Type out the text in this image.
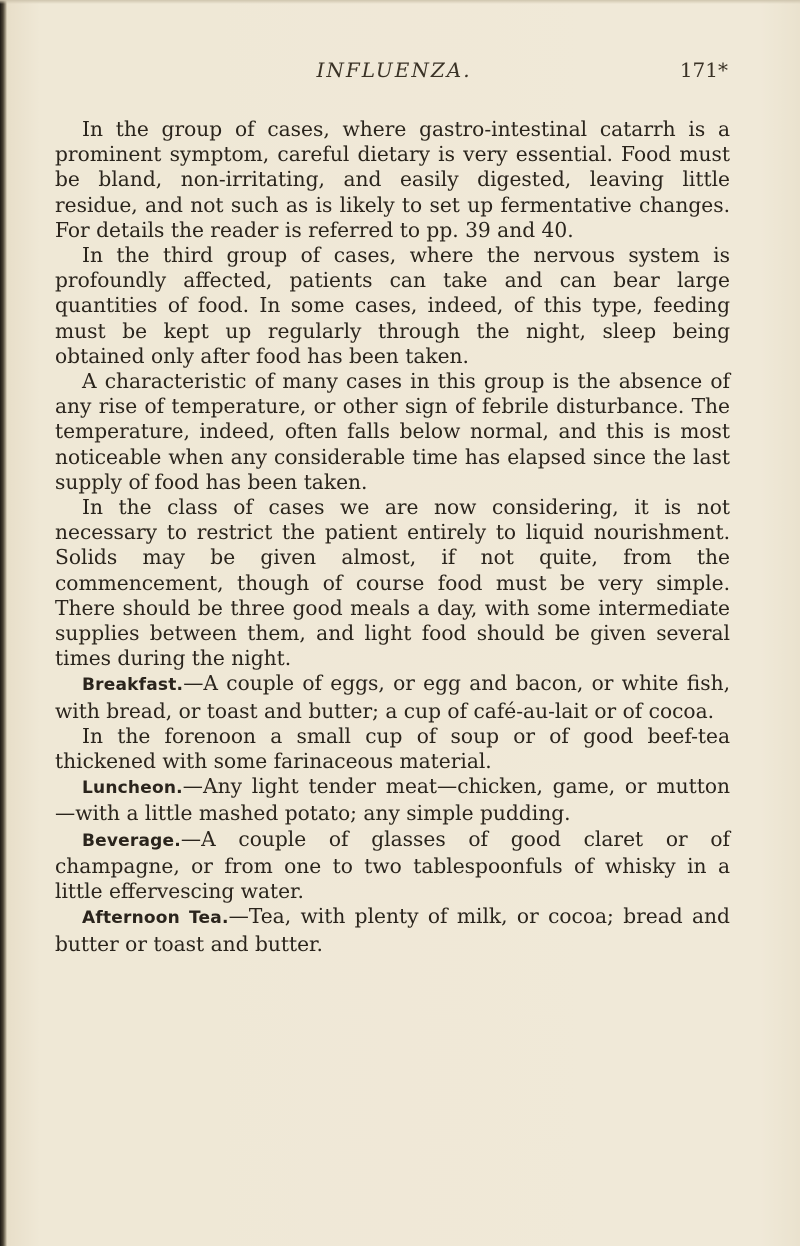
INFLUENZA.	171*

In the group of cases, where gastro-intestinal catarrh is a prominent symptom, careful dietary is very essential. Food must be bland, non-irritating, and easily digested, leaving little residue, and not such as is likely to set up fermentative changes. For details the reader is referred to pp. 39 and 40.

In the third group of cases, where the nervous system is profoundly affected, patients can take and can bear large quantities of food. In some cases, indeed, of this type, feeding must be kept up regularly through the night, sleep being obtained only after food has been taken.

A characteristic of many cases in this group is the absence of any rise of temperature, or other sign of febrile disturbance. The temperature, indeed, often falls below normal, and this is most noticeable when any considerable time has elapsed since the last supply of food has been taken.

In the class of cases we are now considering, it is not necessary to restrict the patient entirely to liquid nourishment. Solids may be given almost, if not quite, from the commencement, though of course food must be very simple. There should be three good meals a day, with some intermediate supplies between them, and light food should be given several times during the night.

Breakfast.—A couple of eggs, or egg and bacon, or white fish, with bread, or toast and butter; a cup of café-au-lait or of cocoa.

In the forenoon a small cup of soup or of good beef-tea thickened with some farinaceous material.

Luncheon.—Any light tender meat—chicken, game, or mutton—with a little mashed potato; any simple pudding.

Beverage.—A couple of glasses of good claret or of champagne, or from one to two tablespoonfuls of whisky in a little effervescing water.

Afternoon Tea.—Tea, with plenty of milk, or cocoa; bread and butter or toast and butter.
